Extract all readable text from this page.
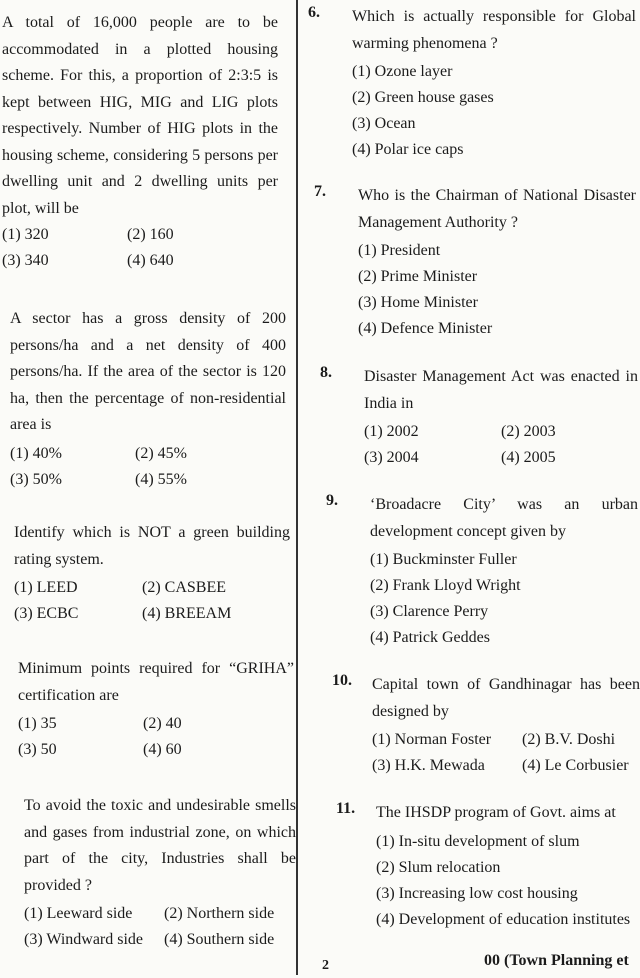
A total of 16,000 people are to be accommodated in a plotted housing scheme. For this, a proportion of 2:3:5 is kept between HIG, MIG and LIG plots respectively. Number of HIG plots in the housing scheme, considering 5 persons per dwelling unit and 2 dwelling units per plot, will be

(1) 320	(2) 160
(3) 340	(4) 640

A sector has a gross density of 200 persons/ha and a net density of 400 persons/ha. If the area of the sector is 120 ha, then the percentage of non-residential area is

(1) 40%	(2) 45%
(3) 50%	(4) 55%

Identify which is NOT a green building rating system.

(1) LEED	(2) CASBEE
(3) ECBC	(4) BREEAM

Minimum points required for “GRIHA” certification are

(1) 35	(2) 40
(3) 50	(4) 60

To avoid the toxic and undesirable smells and gases from industrial zone, on which part of the city, Industries shall be provided ?

(1) Leeward side	(2) Northern side
(3) Windward side	(4) Southern side
6. Which is actually responsible for Global warming phenomena ?

(1) Ozone layer
(2) Green house gases
(3) Ocean
(4) Polar ice caps
7. Who is the Chairman of National Disaster Management Authority ?

(1) President
(2) Prime Minister
(3) Home Minister
(4) Defence Minister
8. Disaster Management Act was enacted in India in

(1) 2002	(2) 2003
(3) 2004	(4) 2005
9. ‘Broadacre City’ was an urban development concept given by

(1) Buckminster Fuller
(2) Frank Lloyd Wright
(3) Clarence Perry
(4) Patrick Geddes
10. Capital town of Gandhinagar has been designed by

(1) Norman Foster	(2) B.V. Doshi
(3) H.K. Mewada	(4) Le Corbusier
11. The IHSDP program of Govt. aims at

(1) In-situ development of slum
(2) Slum relocation
(3) Increasing low cost housing
(4) Development of education institutes
2	00 (Town Planning et
